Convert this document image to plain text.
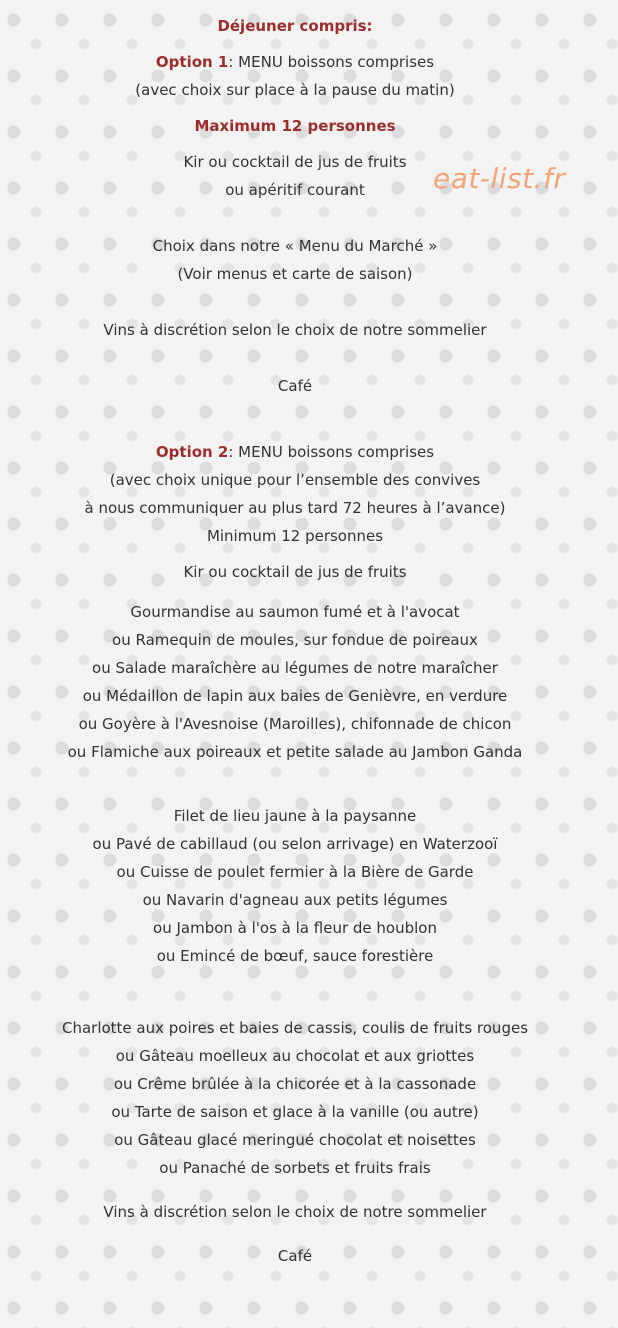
eat-list.fr
Déjeuner compris:
Option 1: MENU boissons comprises
(avec choix sur place à la pause du matin)
Maximum 12 personnes
Kir ou cocktail de jus de fruits
ou apéritif courant
Choix dans notre « Menu du Marché »
(Voir menus et carte de saison)
Vins à discrétion selon le choix de notre sommelier
Café
Option 2: MENU boissons comprises
(avec choix unique pour l’ensemble des convives
à nous communiquer au plus tard 72 heures à l’avance)
Minimum 12 personnes
Kir ou cocktail de jus de fruits
Gourmandise au saumon fumé et à l'avocat
ou Ramequin de moules, sur fondue de poireaux
ou Salade maraîchère au légumes de notre maraîcher
ou Médaillon de lapin aux baies de Genièvre, en verdure
ou Goyère à l'Avesnoise (Maroilles), chifonnade de chicon
ou Flamiche aux poireaux et petite salade au Jambon Ganda
Filet de lieu jaune à la paysanne
ou Pavé de cabillaud (ou selon arrivage) en Waterzooï
ou Cuisse de poulet fermier à la Bière de Garde
ou Navarin d'agneau aux petits légumes
ou Jambon à l'os à la fleur de houblon
ou Emincé de bœuf, sauce forestière
Charlotte aux poires et baies de cassis, coulis de fruits rouges
ou Gâteau moelleux au chocolat et aux griottes
ou Crême brûlée à la chicorée et à la cassonade
ou Tarte de saison et glace à la vanille (ou autre)
ou Gâteau glacé meringué chocolat et noisettes
ou Panaché de sorbets et fruits frais
Vins à discrétion selon le choix de notre sommelier
Café
